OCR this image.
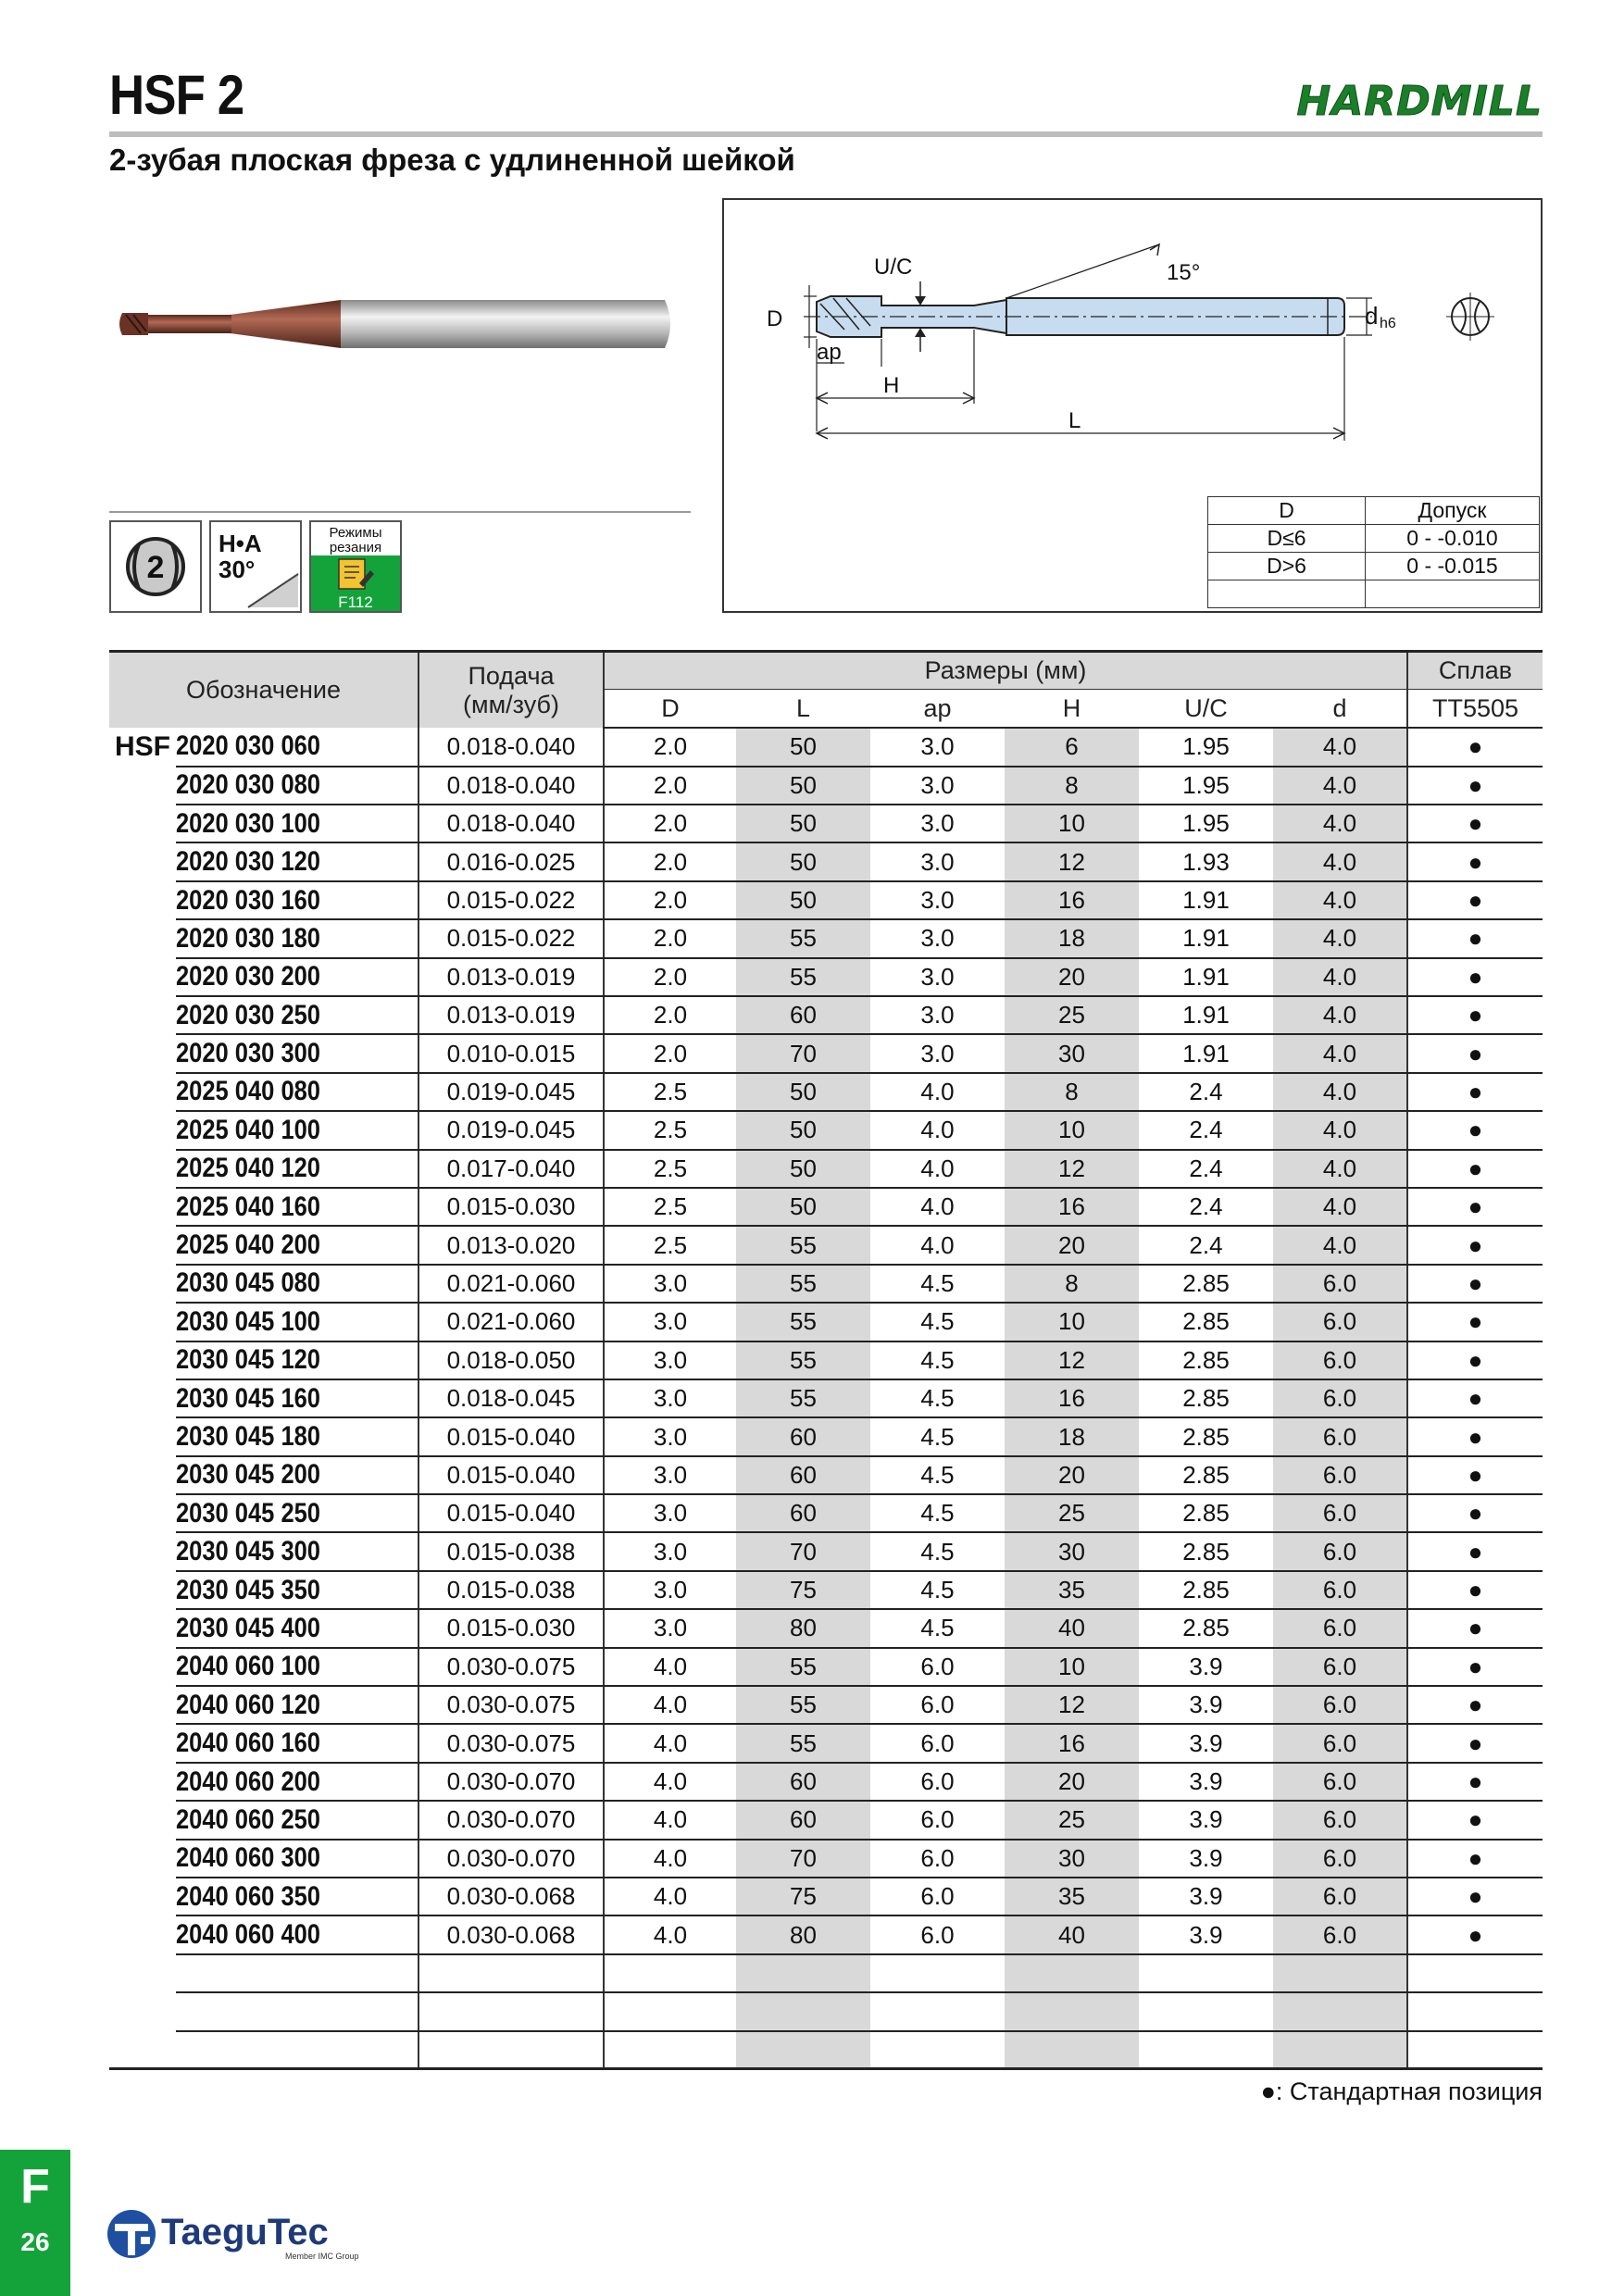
HSF 2	HARDMILL
2-зубая плоская фреза с удлиненной шейкой
2
H•A
30°
Режимы
резания
F112
D
U/C	15°
d h6
ap
H
L
D	Допуск
D≤6	0 - -0.010
D>6	0 - -0.015

Обозначение		Подача
(мм/зуб)	Размеры (мм)						Сплав
			D	L	ap	H	U/C	d	TT5505
HSF	2020 030 060	0.018-0.040	2.0	50	3.0	6	1.95	4.0	●
	2020 030 080	0.018-0.040	2.0	50	3.0	8	1.95	4.0	●
	2020 030 100	0.018-0.040	2.0	50	3.0	10	1.95	4.0	●
	2020 030 120	0.016-0.025	2.0	50	3.0	12	1.93	4.0	●
	2020 030 160	0.015-0.022	2.0	50	3.0	16	1.91	4.0	●
	2020 030 180	0.015-0.022	2.0	55	3.0	18	1.91	4.0	●
	2020 030 200	0.013-0.019	2.0	55	3.0	20	1.91	4.0	●
	2020 030 250	0.013-0.019	2.0	60	3.0	25	1.91	4.0	●
	2020 030 300	0.010-0.015	2.0	70	3.0	30	1.91	4.0	●
	2025 040 080	0.019-0.045	2.5	50	4.0	8	2.4	4.0	●
	2025 040 100	0.019-0.045	2.5	50	4.0	10	2.4	4.0	●
	2025 040 120	0.017-0.040	2.5	50	4.0	12	2.4	4.0	●
	2025 040 160	0.015-0.030	2.5	50	4.0	16	2.4	4.0	●
	2025 040 200	0.013-0.020	2.5	55	4.0	20	2.4	4.0	●
	2030 045 080	0.021-0.060	3.0	55	4.5	8	2.85	6.0	●
	2030 045 100	0.021-0.060	3.0	55	4.5	10	2.85	6.0	●
	2030 045 120	0.018-0.050	3.0	55	4.5	12	2.85	6.0	●
	2030 045 160	0.018-0.045	3.0	55	4.5	16	2.85	6.0	●
	2030 045 180	0.015-0.040	3.0	60	4.5	18	2.85	6.0	●
	2030 045 200	0.015-0.040	3.0	60	4.5	20	2.85	6.0	●
	2030 045 250	0.015-0.040	3.0	60	4.5	25	2.85	6.0	●
	2030 045 300	0.015-0.038	3.0	70	4.5	30	2.85	6.0	●
	2030 045 350	0.015-0.038	3.0	75	4.5	35	2.85	6.0	●
	2030 045 400	0.015-0.030	3.0	80	4.5	40	2.85	6.0	●
	2040 060 100	0.030-0.075	4.0	55	6.0	10	3.9	6.0	●
	2040 060 120	0.030-0.075	4.0	55	6.0	12	3.9	6.0	●
	2040 060 160	0.030-0.075	4.0	55	6.0	16	3.9	6.0	●
	2040 060 200	0.030-0.070	4.0	60	6.0	20	3.9	6.0	●
	2040 060 250	0.030-0.070	4.0	60	6.0	25	3.9	6.0	●
	2040 060 300	0.030-0.070	4.0	70	6.0	30	3.9	6.0	●
	2040 060 350	0.030-0.068	4.0	75	6.0	35	3.9	6.0	●
	2040 060 400	0.030-0.068	4.0	80	6.0	40	3.9	6.0	●

●: Стандартная позиция
F
26	TaeguTec
Member IMC Group
